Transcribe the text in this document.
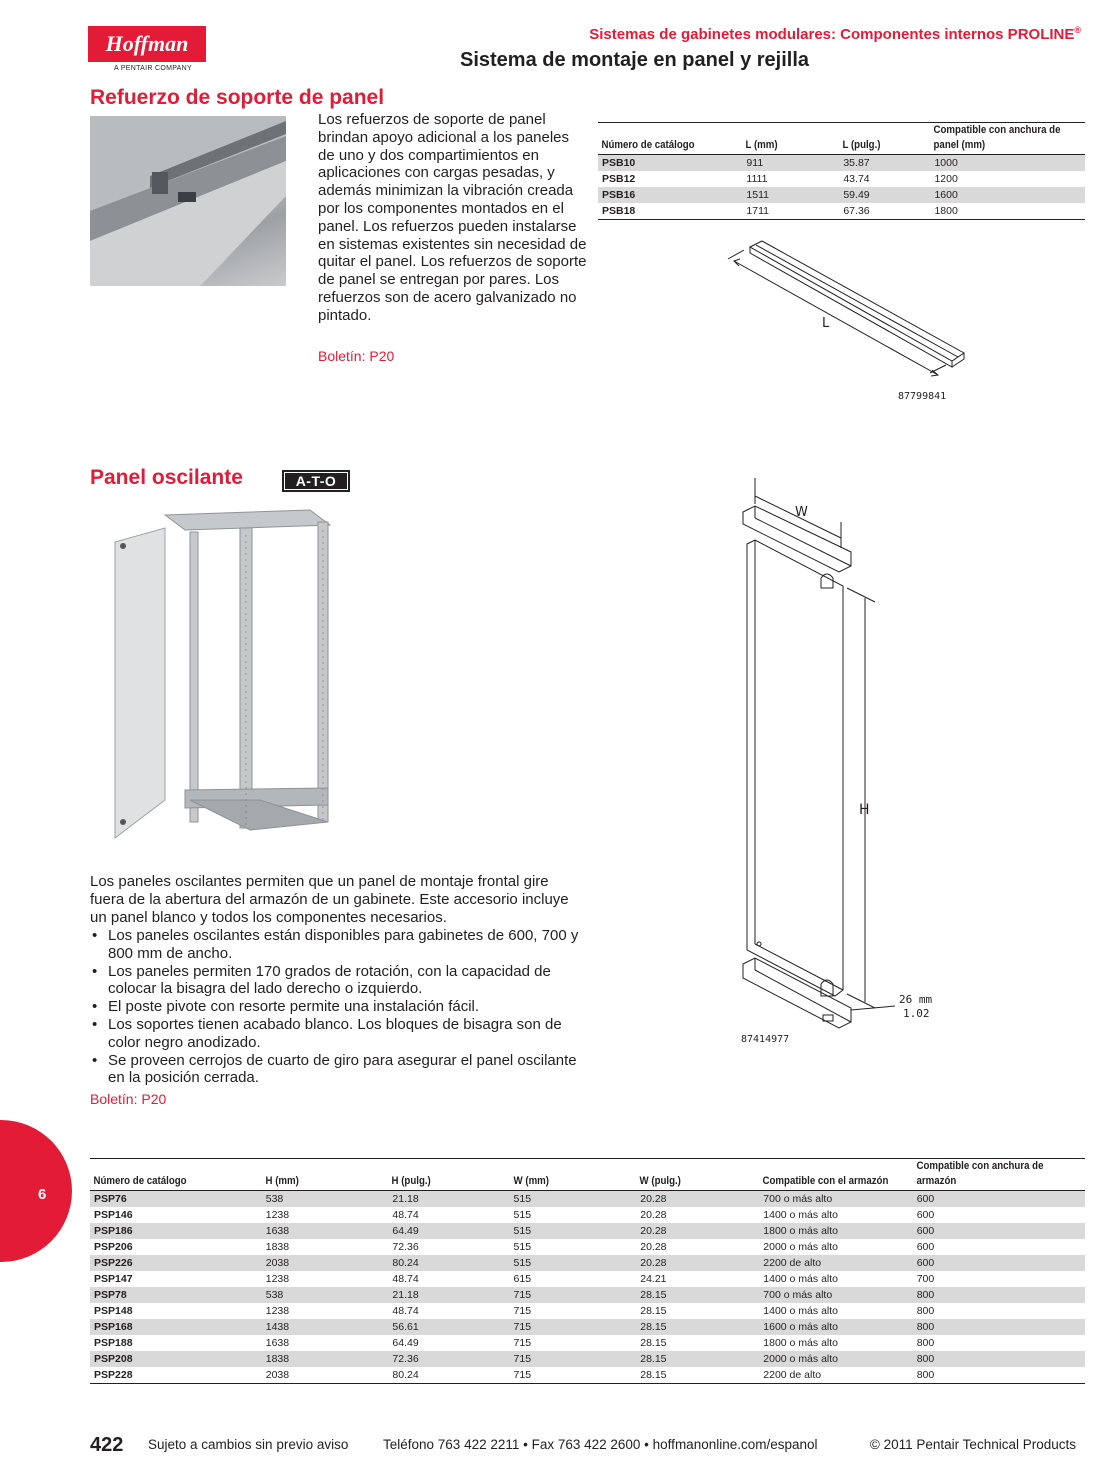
Hoffman
A PENTAIR COMPANY
Sistemas de gabinetes modulares: Componentes internos PROLINE®
Sistema de montaje en panel y rejilla
Refuerzo de soporte de panel
Los refuerzos de soporte de panel brindan apoyo adicional a los paneles de uno y dos compartimientos en aplicaciones con cargas pesadas, y además minimizan la vibración creada por los componentes montados en el panel. Los refuerzos pueden instalarse en sistemas existentes sin necesidad de quitar el panel. Los refuerzos de soporte de panel se entregan por pares. Los refuerzos son de acero galvanizado no pintado.
Boletín: P20
Número de catálogo	L (mm)	L (pulg.)	Compatible con anchura de panel (mm)
PSB10	911	35.87	1000
PSB12	1111	43.74	1200
PSB16	1511	59.49	1600
PSB18	1711	67.36	1800
L
87799841
Panel oscilante	A-T-O
Los paneles oscilantes permiten que un panel de montaje frontal gire fuera de la abertura del armazón de un gabinete. Este accesorio incluye un panel blanco y todos los componentes necesarios.
• Los paneles oscilantes están disponibles para gabinetes de 600, 700 y 800 mm de ancho.
• Los paneles permiten 170 grados de rotación, con la capacidad de colocar la bisagra del lado derecho o izquierdo.
• El poste pivote con resorte permite una instalación fácil.
• Los soportes tienen acabado blanco. Los bloques de bisagra son de color negro anodizado.
• Se proveen cerrojos de cuarto de giro para asegurar el panel oscilante en la posición cerrada.
Boletín: P20
W
H
26 mm
1.02
87414977
Número de catálogo	H (mm)	H (pulg.)	W (mm)	W (pulg.)	Compatible con el armazón	Compatible con anchura de armazón
PSP76	538	21.18	515	20.28	700 o más alto	600
PSP146	1238	48.74	515	20.28	1400 o más alto	600
PSP186	1638	64.49	515	20.28	1800 o más alto	600
PSP206	1838	72.36	515	20.28	2000 o más alto	600
PSP226	2038	80.24	515	20.28	2200 de alto	600
PSP147	1238	48.74	615	24.21	1400 o más alto	700
PSP78	538	21.18	715	28.15	700 o más alto	800
PSP148	1238	48.74	715	28.15	1400 o más alto	800
PSP168	1438	56.61	715	28.15	1600 o más alto	800
PSP188	1638	64.49	715	28.15	1800 o más alto	800
PSP208	1838	72.36	715	28.15	2000 o más alto	800
PSP228	2038	80.24	715	28.15	2200 de alto	800
6
422 Sujeto a cambios sin previo aviso	Teléfono 763 422 2211 • Fax 763 422 2600 • hoffmanonline.com/espanol	© 2011 Pentair Technical Products
